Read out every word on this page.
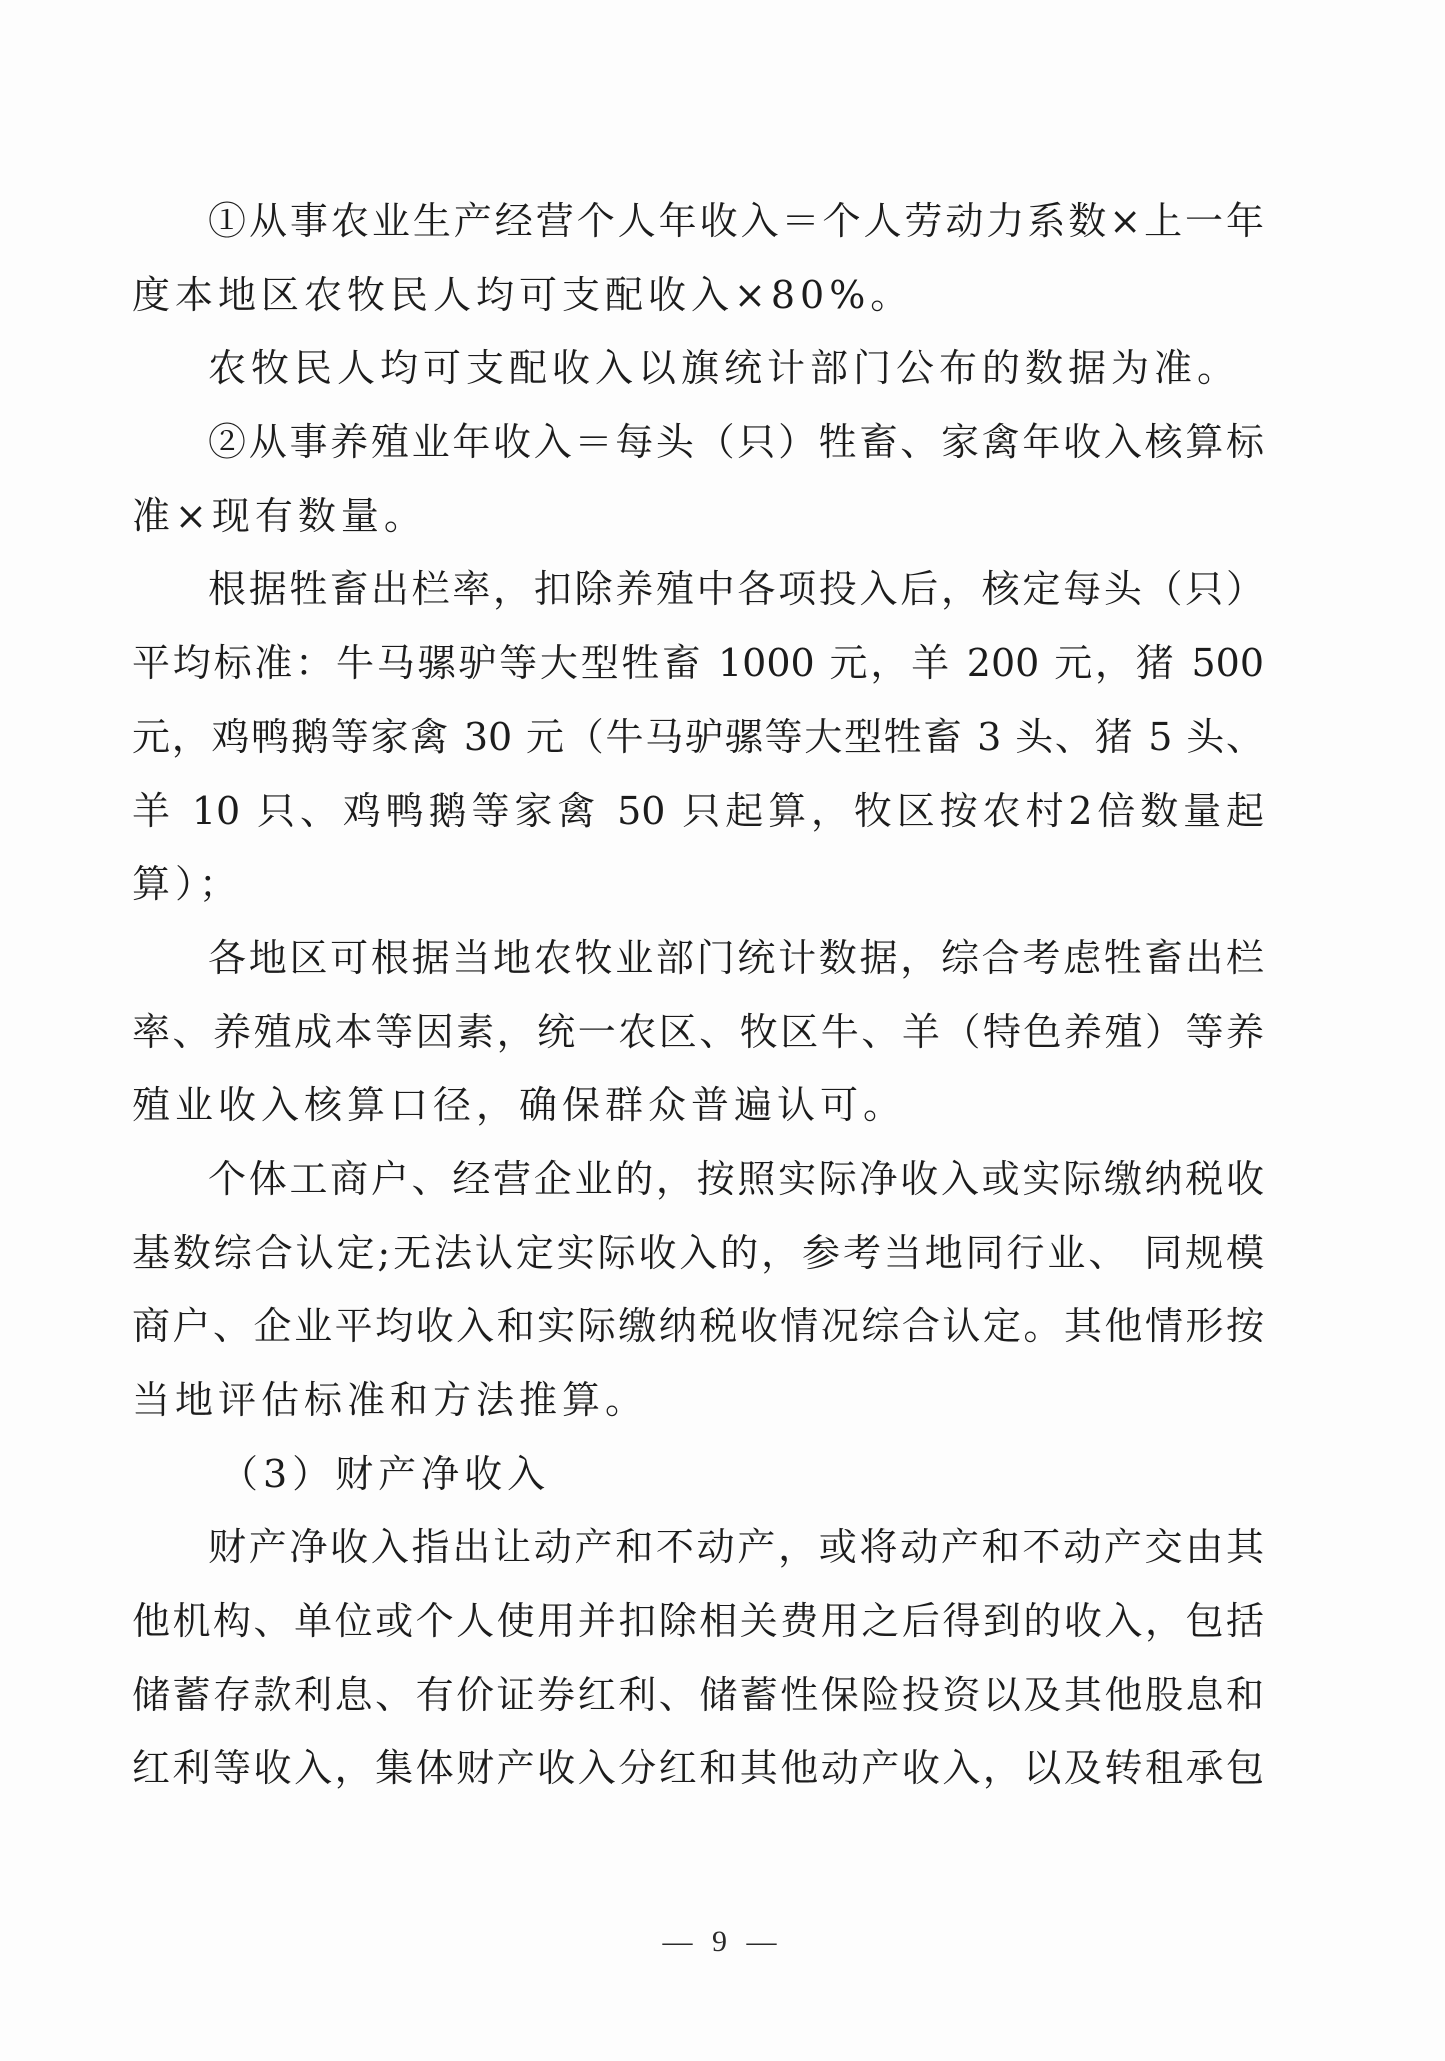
①从事农业生产经营个人年收入＝个人劳动力系数×上一年
度本地区农牧民人均可支配收入×80%。
农牧民人均可支配收入以旗统计部门公布的数据为准。
②从事养殖业年收入＝每头（只）牲畜、家禽年收入核算标
准×现有数量。
根据牲畜出栏率，扣除养殖中各项投入后，核定每头（只）
平均标准：牛马骡驴等大型牲畜 1000 元，羊 200 元，猪 500
元，鸡鸭鹅等家禽 30 元（牛马驴骡等大型牲畜 3 头、猪 5 头、
羊 10 只、鸡鸭鹅等家禽 50 只起算，牧区按农村2倍数量起
算）；
各地区可根据当地农牧业部门统计数据，综合考虑牲畜出栏
率、养殖成本等因素，统一农区、牧区牛、羊（特色养殖）等养
殖业收入核算口径，确保群众普遍认可。
个体工商户、经营企业的，按照实际净收入或实际缴纳税收
基数综合认定;无法认定实际收入的，参考当地同行业、 同规模
商户、企业平均收入和实际缴纳税收情况综合认定。其他情形按
当地评估标准和方法推算。
（3）财产净收入
财产净收入指出让动产和不动产，或将动产和不动产交由其
他机构、单位或个人使用并扣除相关费用之后得到的收入，包括
储蓄存款利息、有价证券红利、储蓄性保险投资以及其他股息和
红利等收入，集体财产收入分红和其他动产收入，以及转租承包
— 9 —
